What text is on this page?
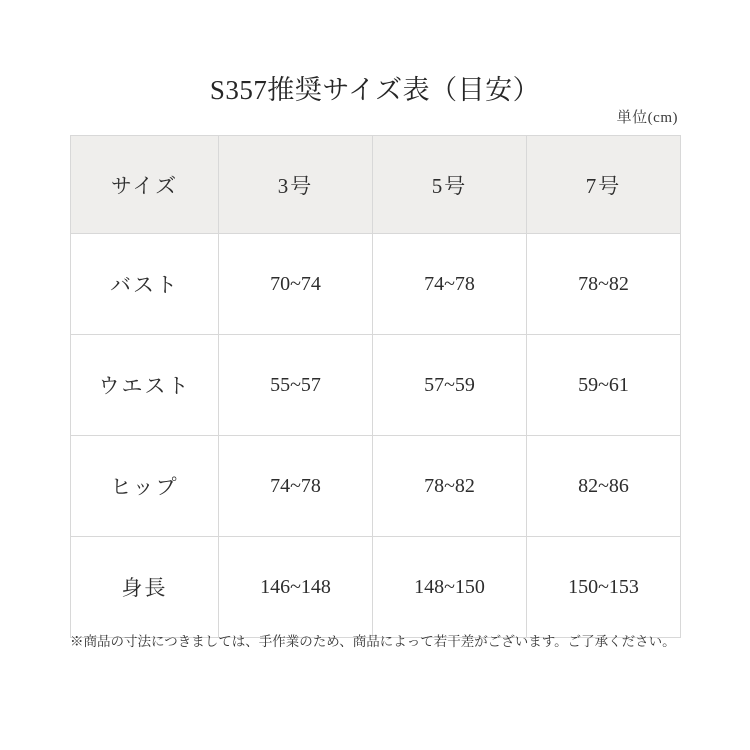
S357推奨サイズ表（目安）
単位(cm)
サイズ	3号	5号	7号
バスト	70~74	74~78	78~82
ウエスト	55~57	57~59	59~61
ヒップ	74~78	78~82	82~86
身長	146~148	148~150	150~153
※商品の寸法につきましては、手作業のため、商品によって若干差がございます。ご了承ください。
